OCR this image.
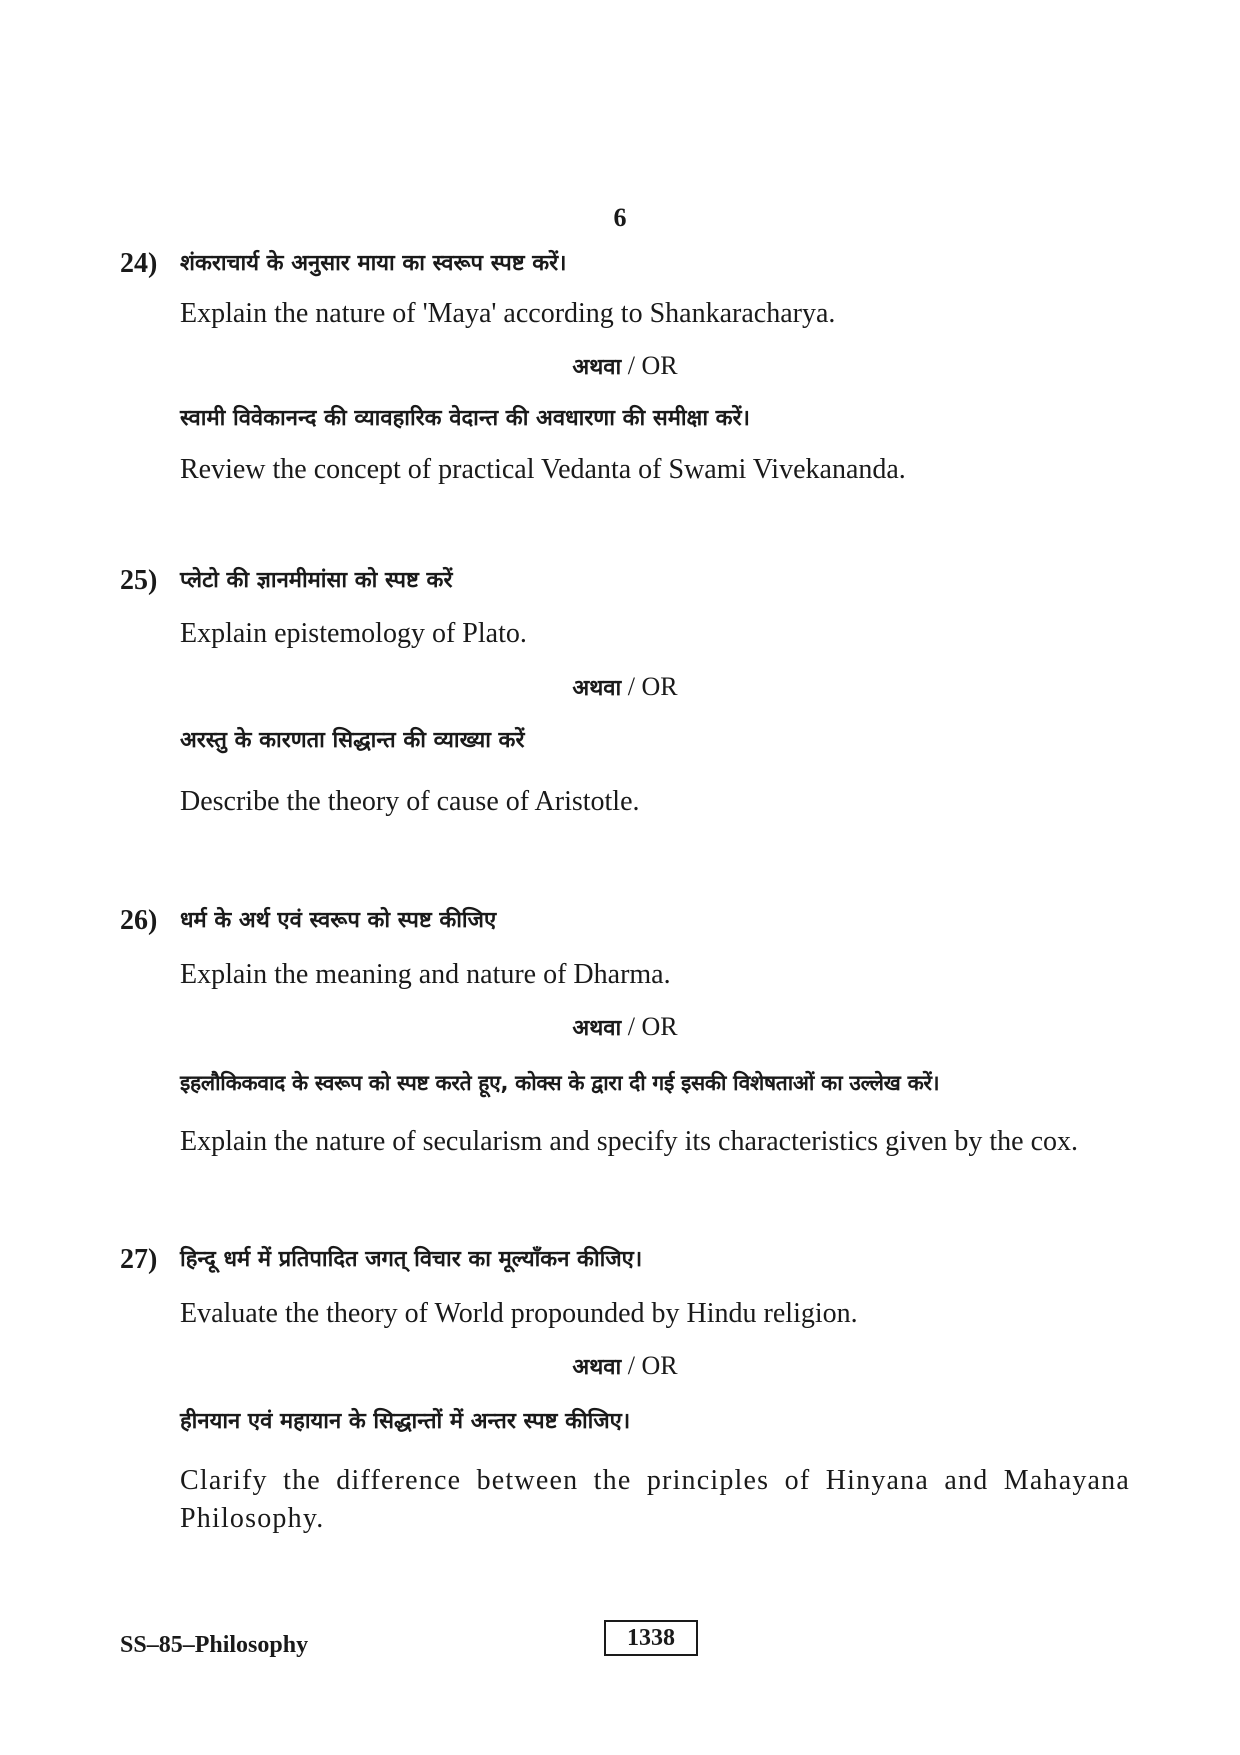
6
24) शंकराचार्य के अनुसार माया का स्वरूप स्पष्ट करें।
Explain the nature of 'Maya' according to Shankaracharya.
अथवा / OR
स्वामी विवेकानन्द की व्यावहारिक वेदान्त की अवधारणा की समीक्षा करें।
Review the concept of practical Vedanta of Swami Vivekananda.
25) प्लेटो की ज्ञानमीमांसा को स्पष्ट करें
Explain epistemology of Plato.
अथवा / OR
अरस्तु के कारणता सिद्धान्त की व्याख्या करें
Describe the theory of cause of Aristotle.
26) धर्म के अर्थ एवं स्वरूप को स्पष्ट कीजिए
Explain the meaning and nature of Dharma.
अथवा / OR
इहलौकिकवाद के स्वरूप को स्पष्ट करते हूए, कोक्स के द्वारा दी गई इसकी विशेषताओं का उल्लेख करें।
Explain the nature of secularism and specify its characteristics given by the cox.
27) हिन्दू धर्म में प्रतिपादित जगत् विचार का मूल्याँकन कीजिए।
Evaluate the theory of World propounded by Hindu religion.
अथवा / OR
हीनयान एवं महायान के सिद्धान्तों में अन्तर स्पष्ट कीजिए।
Clarify the difference between the principles of Hinyana and Mahayana Philosophy.
SS–85–Philosophy	1338
